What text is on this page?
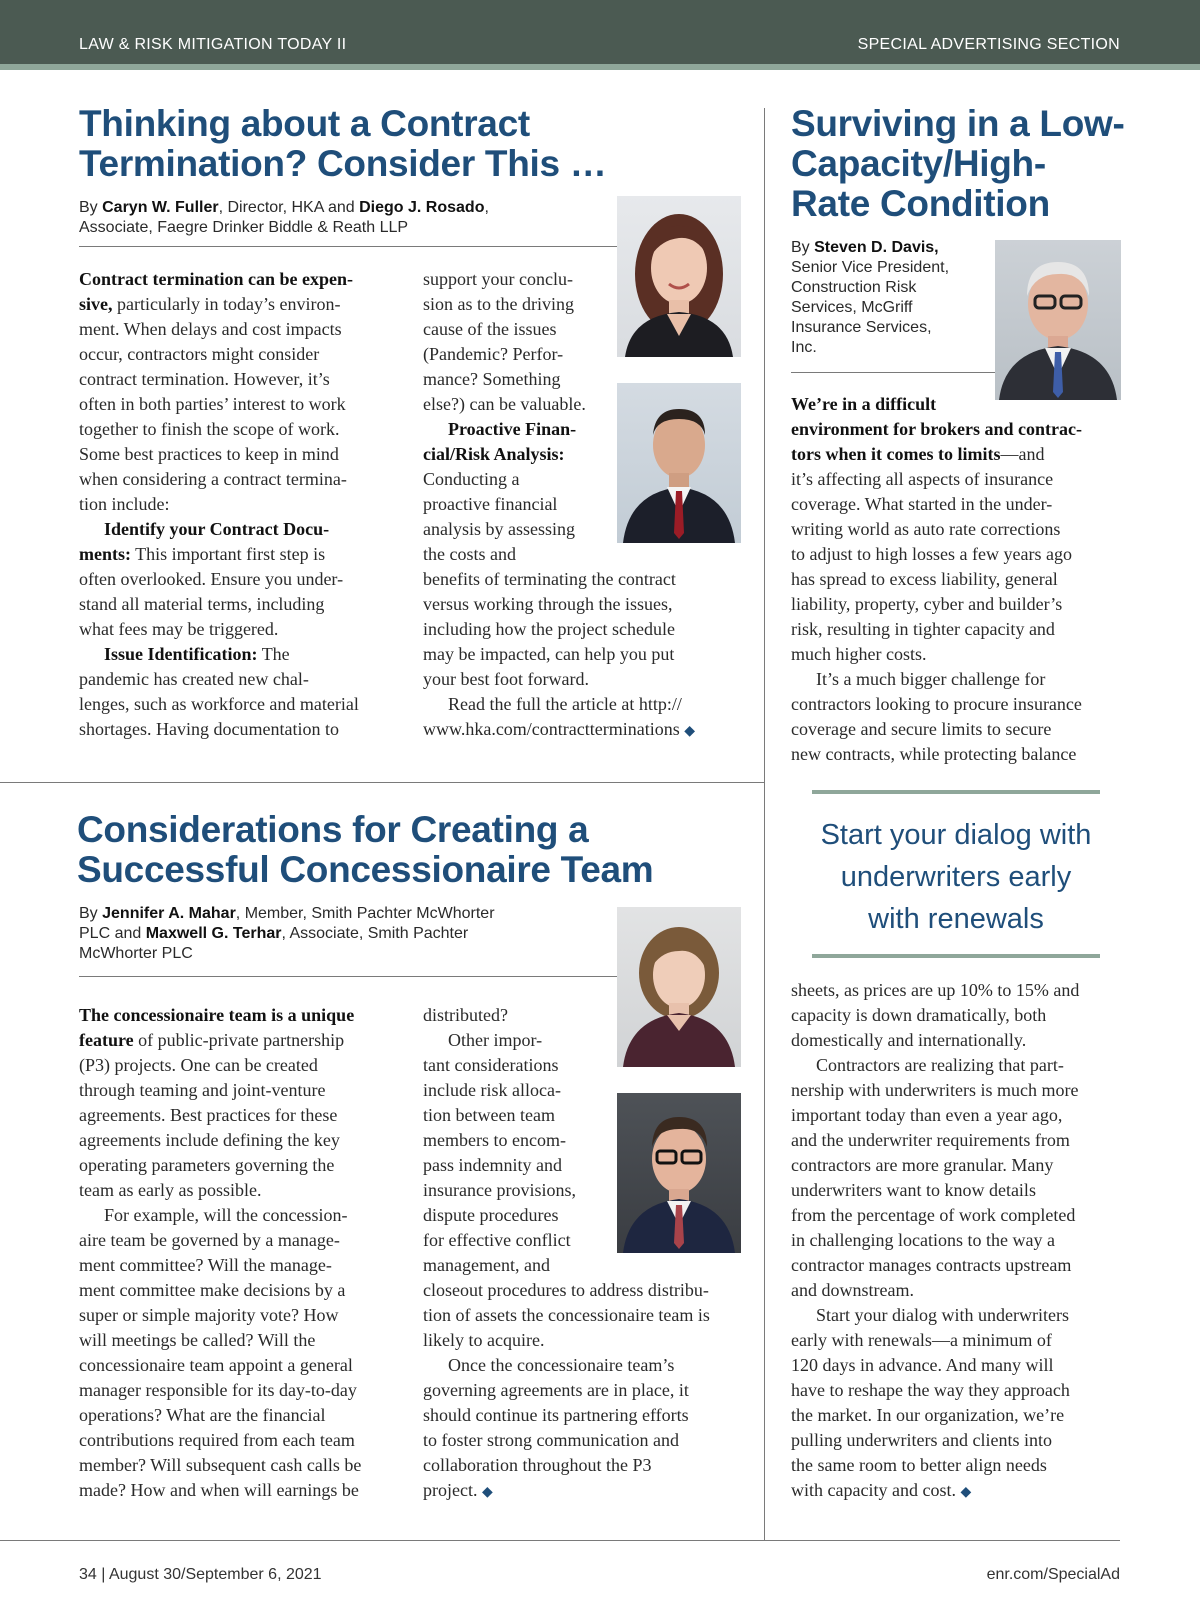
LAW & RISK MITIGATION TODAY II	SPECIAL ADVERTISING SECTION
Thinking about a Contract
Termination? Consider This …
By Caryn W. Fuller, Director, HKA and Diego J. Rosado,
Associate, Faegre Drinker Biddle & Reath LLP

Contract termination can be expen-

sive, particularly in today’s environ-

ment. When delays and cost impacts

occur, contractors might consider

contract termination. However, it’s

often in both parties’ interest to work

together to finish the scope of work.

Some best practices to keep in mind

when considering a contract termina-

tion include:

Identify your Contract Docu-

ments: This important first step is

often overlooked. Ensure you under-

stand all material terms, including

what fees may be triggered.

Issue Identification: The

pandemic has created new chal-

lenges, such as workforce and material

shortages. Having documentation to

support your conclu-

sion as to the driving

cause of the issues

(Pandemic? Perfor-

mance? Something

else?) can be valuable.

Proactive Finan-

cial/Risk Analysis:

Conducting a

proactive financial

analysis by assessing

the costs and

benefits of terminating the contract

versus working through the issues,

including how the project schedule

may be impacted, can help you put

your best foot forward.

Read the full the article at http://

www.hka.com/contractterminations ◆

Surviving in a Low-
Capacity/High-
Rate Condition
By Steven D. Davis,
Senior Vice President,
Construction Risk
Services, McGriff
Insurance Services,
Inc.

We’re in a difficult

environment for brokers and contrac-

tors when it comes to limits—and

it’s affecting all aspects of insurance

coverage. What started in the under-

writing world as auto rate corrections

to adjust to high losses a few years ago

has spread to excess liability, general

liability, property, cyber and builder’s

risk, resulting in tighter capacity and

much higher costs.

It’s a much bigger challenge for

contractors looking to procure insurance

coverage and secure limits to secure

new contracts, while protecting balance

Start your dialog with
underwriters early
with renewals

sheets, as prices are up 10% to 15% and

capacity is down dramatically, both

domestically and internationally.

Contractors are realizing that part-

nership with underwriters is much more

important today than even a year ago,

and the underwriter requirements from

contractors are more granular. Many

underwriters want to know details

from the percentage of work completed

in challenging locations to the way a

contractor manages contracts upstream

and downstream.

Start your dialog with underwriters

early with renewals—a minimum of

120 days in advance. And many will

have to reshape the way they approach

the market. In our organization, we’re

pulling underwriters and clients into

the same room to better align needs

with capacity and cost. ◆

Considerations for Creating a
Successful Concessionaire Team
By Jennifer A. Mahar, Member, Smith Pachter McWhorter
PLC and Maxwell G. Terhar, Associate, Smith Pachter
McWhorter PLC

The concessionaire team is a unique

feature of public-private partnership

(P3) projects. One can be created

through teaming and joint-venture

agreements. Best practices for these

agreements include defining the key

operating parameters governing the

team as early as possible.

For example, will the concession-

aire team be governed by a manage-

ment committee? Will the manage-

ment committee make decisions by a

super or simple majority vote? How

will meetings be called? Will the

concessionaire team appoint a general

manager responsible for its day-to-day

operations? What are the financial

contributions required from each team

member? Will subsequent cash calls be

made? How and when will earnings be

distributed?

Other impor-

tant considerations

include risk alloca-

tion between team

members to encom-

pass indemnity and

insurance provisions,

dispute procedures

for effective conflict

management, and

closeout procedures to address distribu-

tion of assets the concessionaire team is

likely to acquire.

Once the concessionaire team’s

governing agreements are in place, it

should continue its partnering efforts

to foster strong communication and

collaboration throughout the P3

project. ◆

34 | August 30/September 6, 2021	enr.com/SpecialAd
